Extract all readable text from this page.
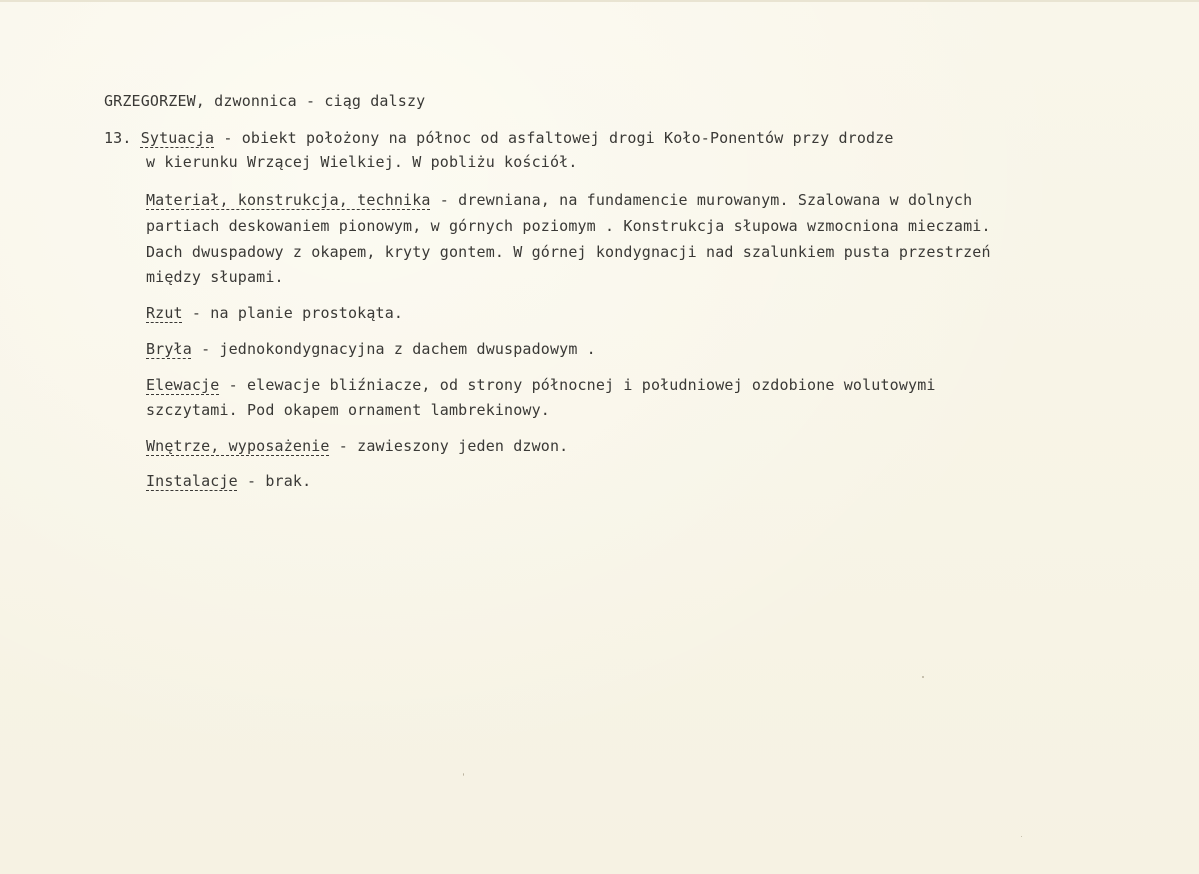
GRZEGORZEW, dzwonnica - ciąg dalszy
13. Sytuacja - obiekt położony na północ od asfaltowej drogi Koło-Ponentów przy drodze
w kierunku Wrzącej Wielkiej. W pobliżu kościół.
Materiał, konstrukcja, technika - drewniana, na fundamencie murowanym. Szalowana w dolnych
partiach deskowaniem pionowym, w górnych poziomym . Konstrukcja słupowa wzmocniona mieczami.
Dach dwuspadowy z okapem, kryty gontem. W górnej kondygnacji nad szalunkiem pusta przestrzeń
między słupami.
Rzut - na planie prostokąta.
Bryła - jednokondygnacyjna z dachem dwuspadowym .
Elewacje - elewacje bliźniacze, od strony północnej i południowej ozdobione wolutowymi
szczytami. Pod okapem ornament lambrekinowy.
Wnętrze, wyposażenie - zawieszony jeden dzwon.
Instalacje - brak.
